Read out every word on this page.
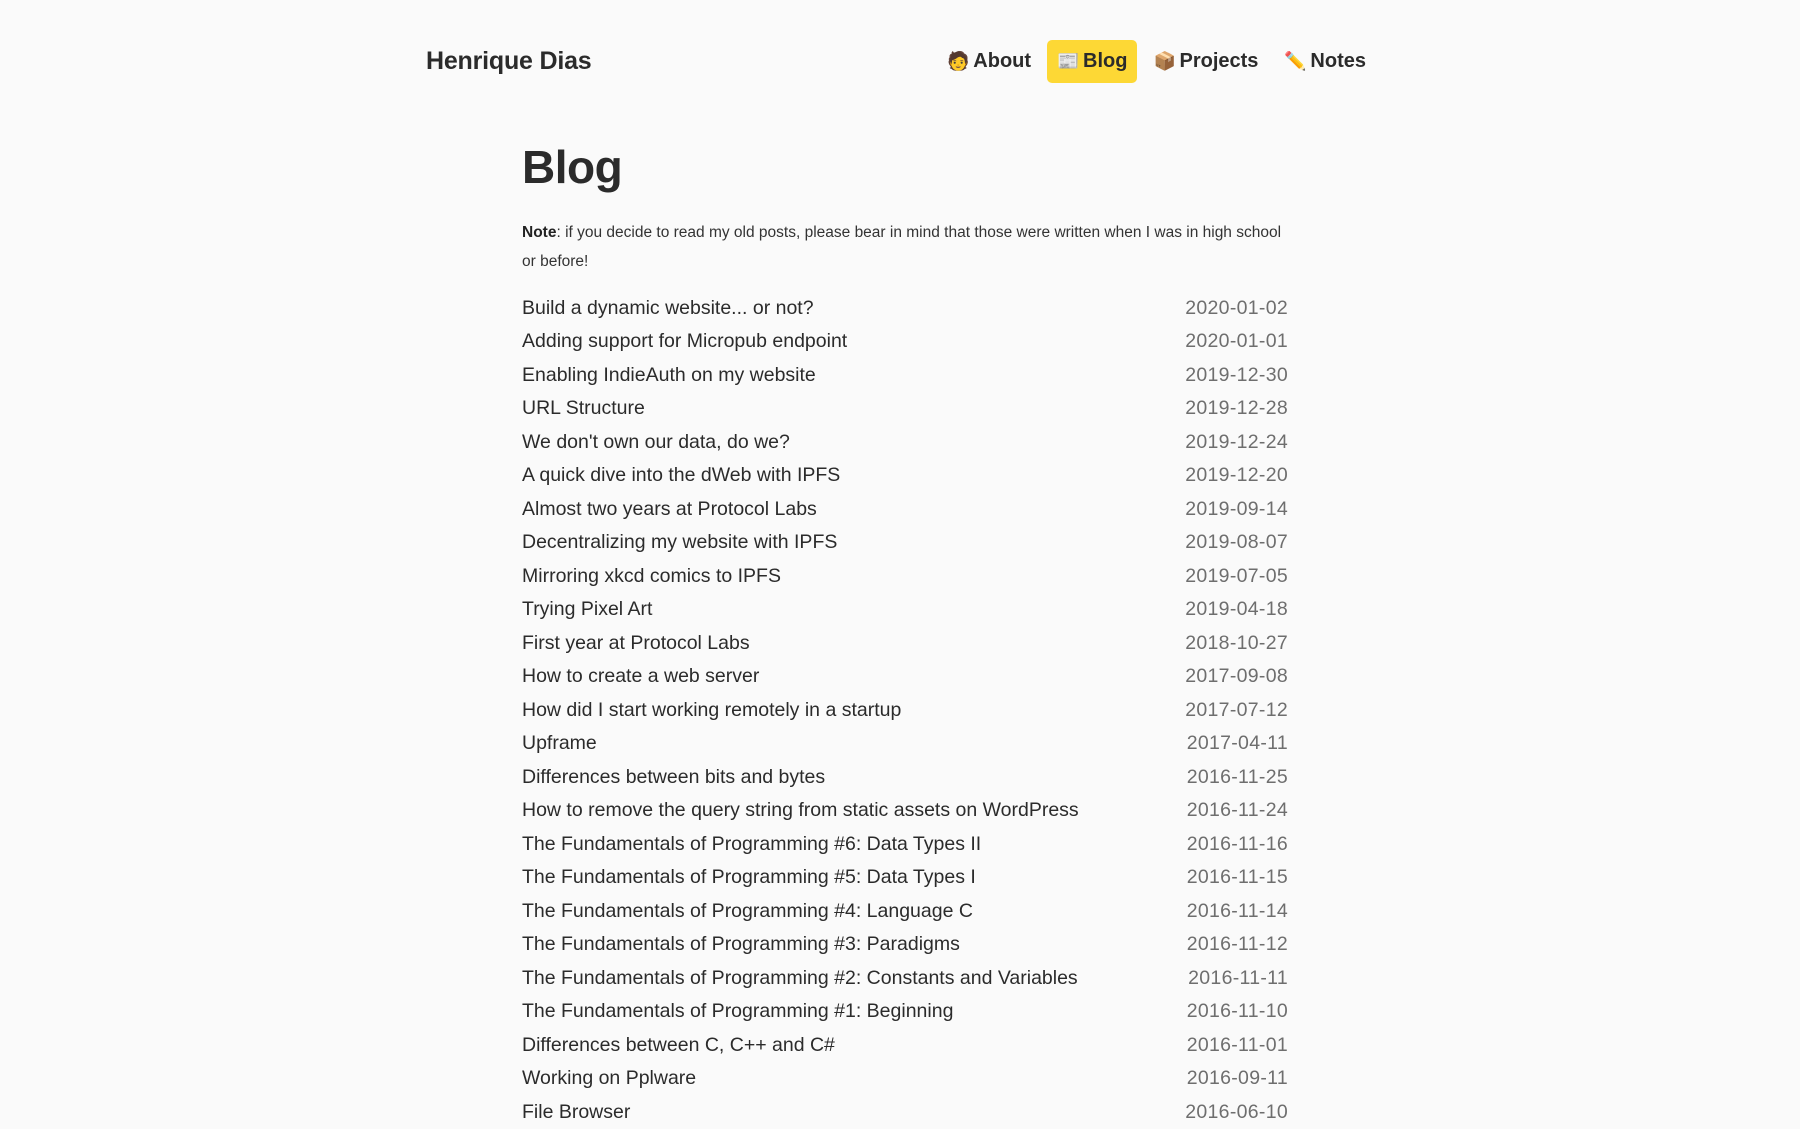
Henrique Dias	🧑 About 📰 Blog 📦 Projects ✏️ Notes
Blog

Note: if you decide to read my old posts, please bear in mind that those were written when I was in high school or before!

Build a dynamic website... or not?	2020-01-02
Adding support for Micropub endpoint	2020-01-01
Enabling IndieAuth on my website	2019-12-30
URL Structure	2019-12-28
We don't own our data, do we?	2019-12-24
A quick dive into the dWeb with IPFS	2019-12-20
Almost two years at Protocol Labs	2019-09-14
Decentralizing my website with IPFS	2019-08-07
Mirroring xkcd comics to IPFS	2019-07-05
Trying Pixel Art	2019-04-18
First year at Protocol Labs	2018-10-27
How to create a web server	2017-09-08
How did I start working remotely in a startup	2017-07-12
Upframe	2017-04-11
Differences between bits and bytes	2016-11-25
How to remove the query string from static assets on WordPress	2016-11-24
The Fundamentals of Programming #6: Data Types II	2016-11-16
The Fundamentals of Programming #5: Data Types I	2016-11-15
The Fundamentals of Programming #4: Language C	2016-11-14
The Fundamentals of Programming #3: Paradigms	2016-11-12
The Fundamentals of Programming #2: Constants and Variables	2016-11-11
The Fundamentals of Programming #1: Beginning	2016-11-10
Differences between C, C++ and C#	2016-11-01
Working on Pplware	2016-09-11
File Browser	2016-06-10
